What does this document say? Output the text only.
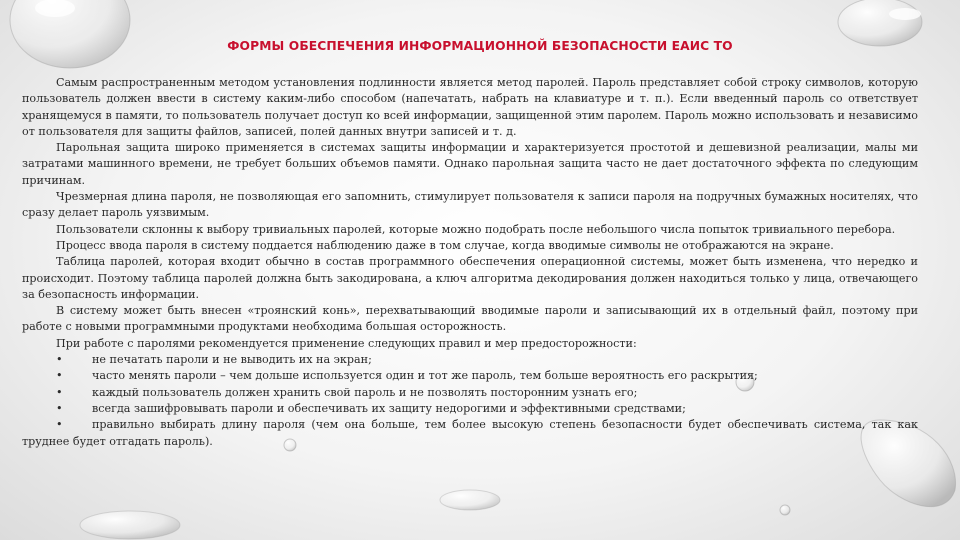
ФОРМЫ ОБЕСПЕЧЕНИЯ ИНФОРМАЦИОННОЙ БЕЗОПАСНОСТИ ЕАИС ТО

Самым распространенным методом установления подлинности является метод паролей. Пароль представляет собой строку символов, которую пользователь должен ввести в систему каким-либо способом (напечатать, набрать на клавиатуре и т. п.). Если введенный пароль со ответствует хранящемуся в памяти, то пользователь получает доступ ко всей информации, защищенной этим паролем. Пароль можно использовать и независимо от пользователя для защиты файлов, записей, полей данных внутри записей и т. д.

Парольная защита широко применяется в системах защиты информации и характеризуется простотой и дешевизной реализации, малы ми затратами машинного времени, не требует больших объемов памяти. Однако парольная защита часто не дает достаточного эффекта по следующим причинам.

Чрезмерная длина пароля, не позволяющая его запомнить, стимулирует пользователя к записи пароля на подручных бумажных носителях, что сразу делает пароль уязвимым.

Пользователи склонны к выбору тривиальных паролей, которые можно подобрать после небольшого числа попыток тривиального перебора.

Процесс ввода пароля в систему поддается наблюдению даже в том случае, когда вводимые символы не отображаются на экране.

Таблица паролей, которая входит обычно в состав программного обеспечения операционной системы, может быть изменена, что нередко и происходит. Поэтому таблица паролей должна быть закодирована, а ключ алгоритма декодирования должен находиться только у лица, отвечающего за безопасность информации.

В систему может быть внесен «троянский конь», перехватывающий вводимые пароли и записывающий их в отдельный файл, поэтому при работе с новыми программными продуктами необходима большая осторожность.

При работе с паролями рекомендуется применение следующих правил и мер предосторожности:

•	не печатать пароли и не выводить их на экран;

•	часто менять пароли – чем дольше используется один и тот же пароль, тем больше вероятность его раскрытия;

•	каждый пользователь должен хранить свой пароль и не позволять посторонним узнать его;

•	всегда зашифровывать пароли и обеспечивать их защиту недорогими и эффективными средствами;

•	правильно выбирать длину пароля (чем она больше, тем более высокую степень безопасности будет обеспечивать система, так как труднее будет отгадать пароль).
